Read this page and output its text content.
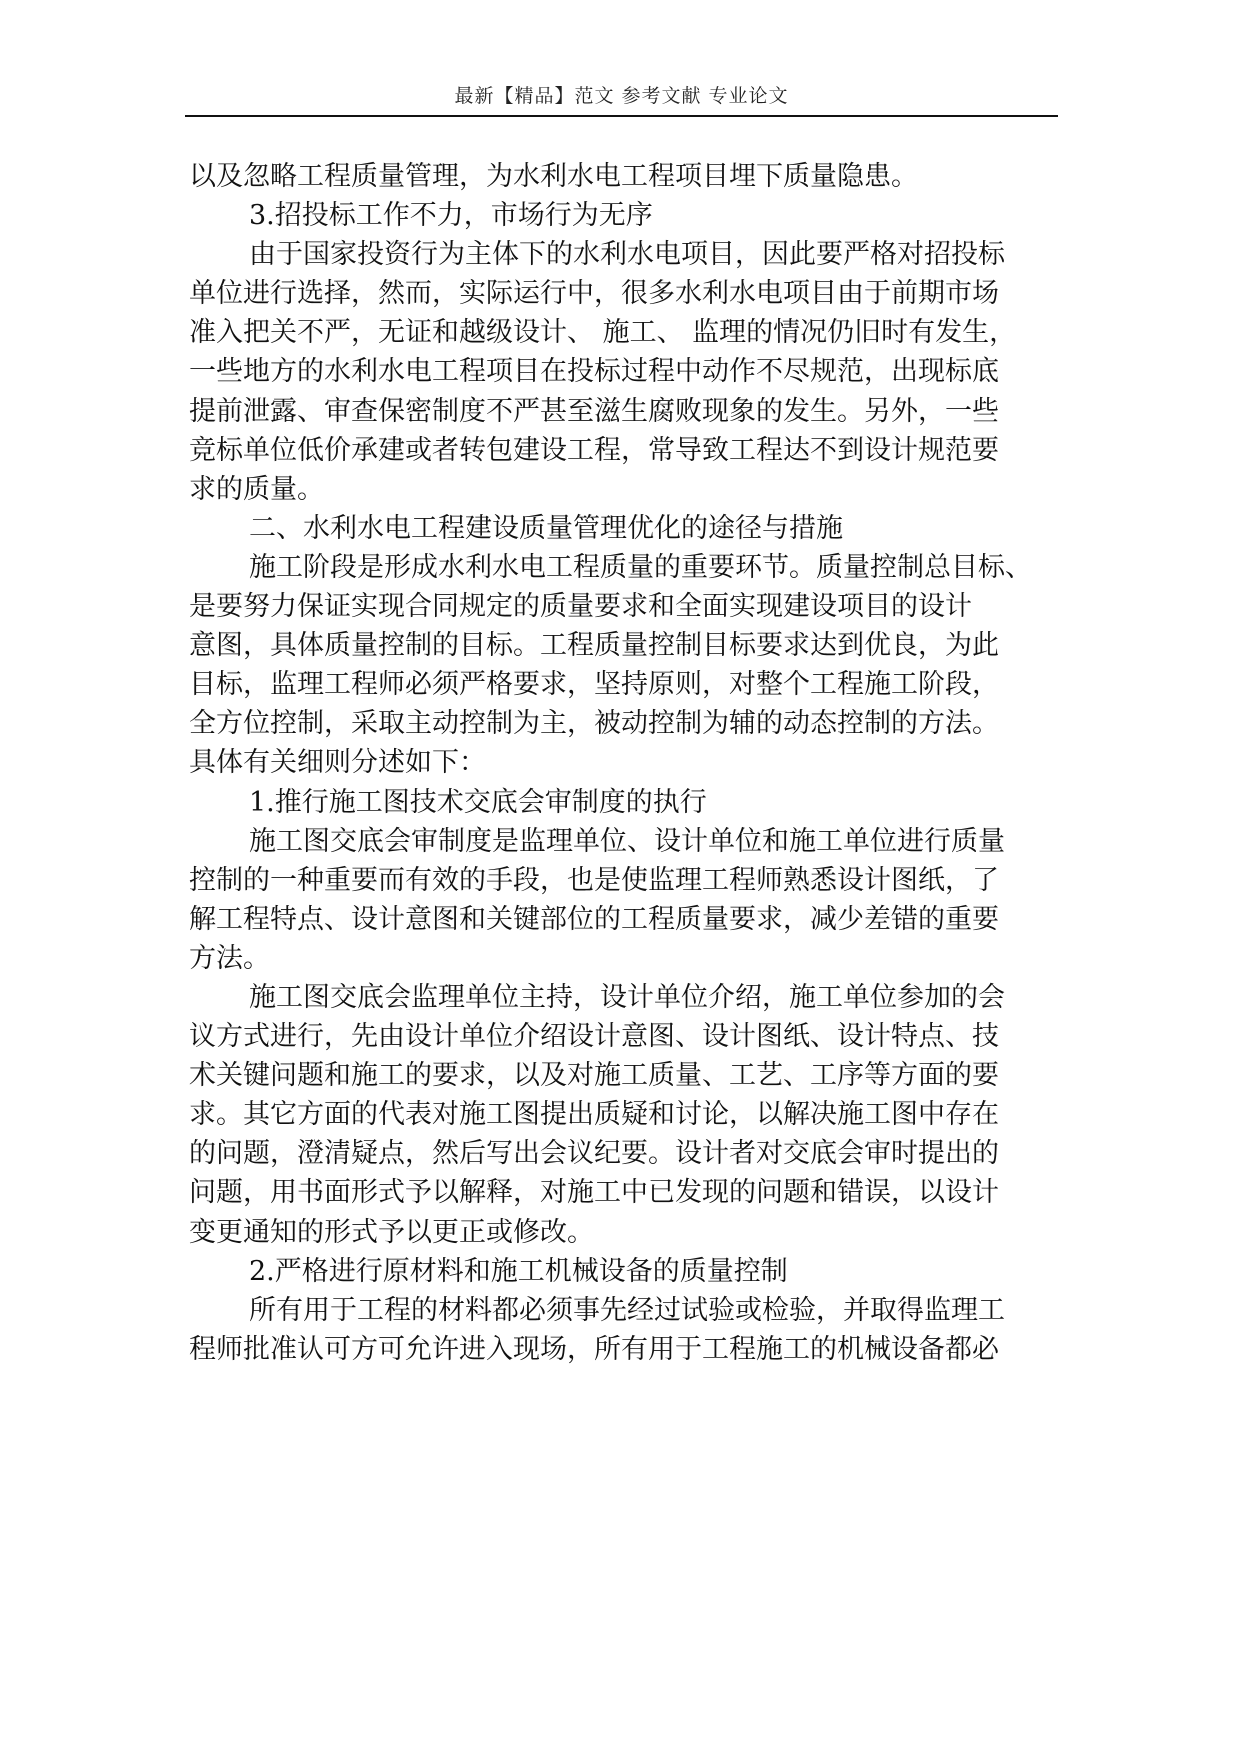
最新【精品】范文 参考文献 专业论文

以及忽略工程质量管理，为水利水电工程项目埋下质量隐患。

3.招投标工作不力，市场行为无序

由于国家投资行为主体下的水利水电项目，因此要严格对招投标

单位进行选择，然而，实际运行中，很多水利水电项目由于前期市场

准入把关不严，无证和越级设计、 施工、 监理的情况仍旧时有发生，

一些地方的水利水电工程项目在投标过程中动作不尽规范，出现标底

提前泄露、审查保密制度不严甚至滋生腐败现象的发生。另外，一些

竞标单位低价承建或者转包建设工程，常导致工程达不到设计规范要

求的质量。

二、水利水电工程建设质量管理优化的途径与措施

施工阶段是形成水利水电工程质量的重要环节。质量控制总目标、

是要努力保证实现合同规定的质量要求和全面实现建设项目的设计

意图，具体质量控制的目标。工程质量控制目标要求达到优良，为此

目标，监理工程师必须严格要求，坚持原则，对整个工程施工阶段，

全方位控制，采取主动控制为主，被动控制为辅的动态控制的方法。

具体有关细则分述如下：

1.推行施工图技术交底会审制度的执行

施工图交底会审制度是监理单位、设计单位和施工单位进行质量

控制的一种重要而有效的手段，也是使监理工程师熟悉设计图纸，了

解工程特点、设计意图和关键部位的工程质量要求，减少差错的重要

方法。

施工图交底会监理单位主持，设计单位介绍，施工单位参加的会

议方式进行，先由设计单位介绍设计意图、设计图纸、设计特点、技

术关键问题和施工的要求，以及对施工质量、工艺、工序等方面的要

求。其它方面的代表对施工图提出质疑和讨论，以解决施工图中存在

的问题，澄清疑点，然后写出会议纪要。设计者对交底会审时提出的

问题，用书面形式予以解释，对施工中已发现的问题和错误，以设计

变更通知的形式予以更正或修改。

2.严格进行原材料和施工机械设备的质量控制

所有用于工程的材料都必须事先经过试验或检验，并取得监理工

程师批准认可方可允许进入现场，所有用于工程施工的机械设备都必
